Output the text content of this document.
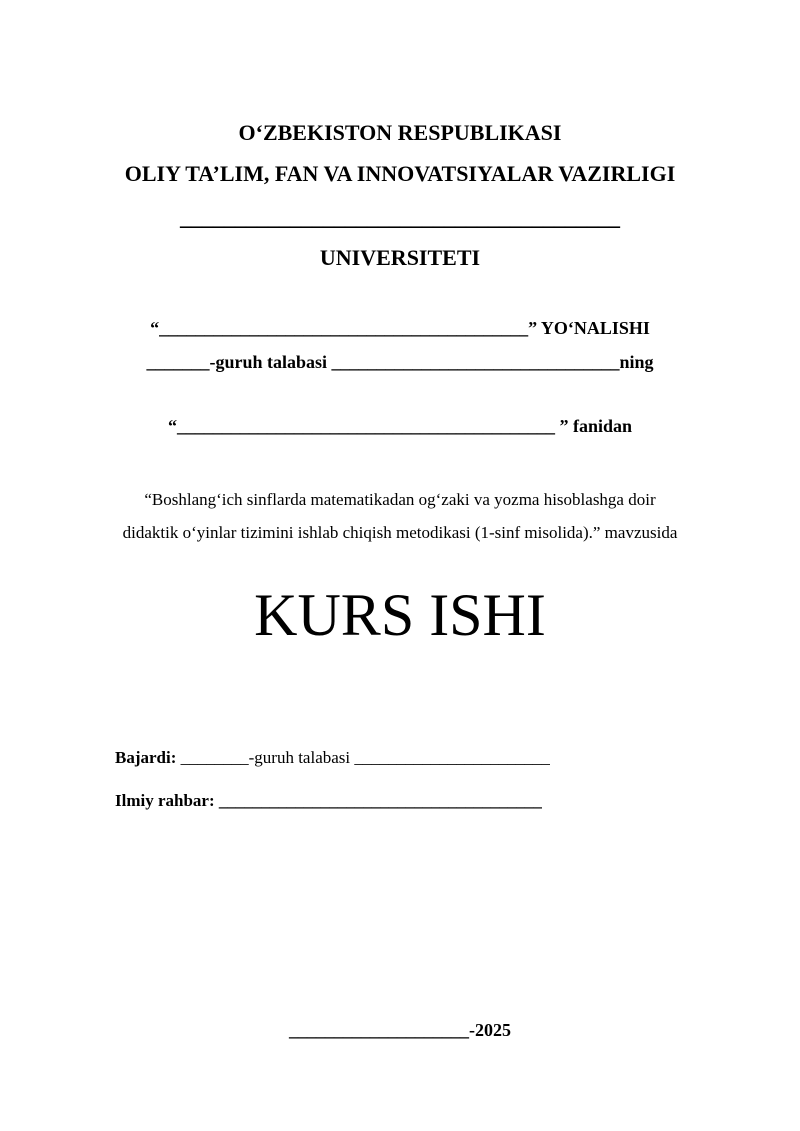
O‘ZBEKISTON RESPUBLIKASI
OLIY TA’LIM, FAN VA INNOVATSIYALAR VAZIRLIGI
________________________________________
UNIVERSITETI
“_________________________________________” YO‘NALISHI
_______-guruh talabasi ________________________________ning
“__________________________________________ ” fanidan
“Boshlang‘ich sinflarda matematikadan og‘zaki va yozma hisoblashga doir
didaktik o‘yinlar tizimini ishlab chiqish metodikasi (1-sinf misolida).” mavzusida
KURS ISHI
Bajardi: ________-guruh talabasi _______________________
Ilmiy rahbar: ______________________________________
____________________-2025
